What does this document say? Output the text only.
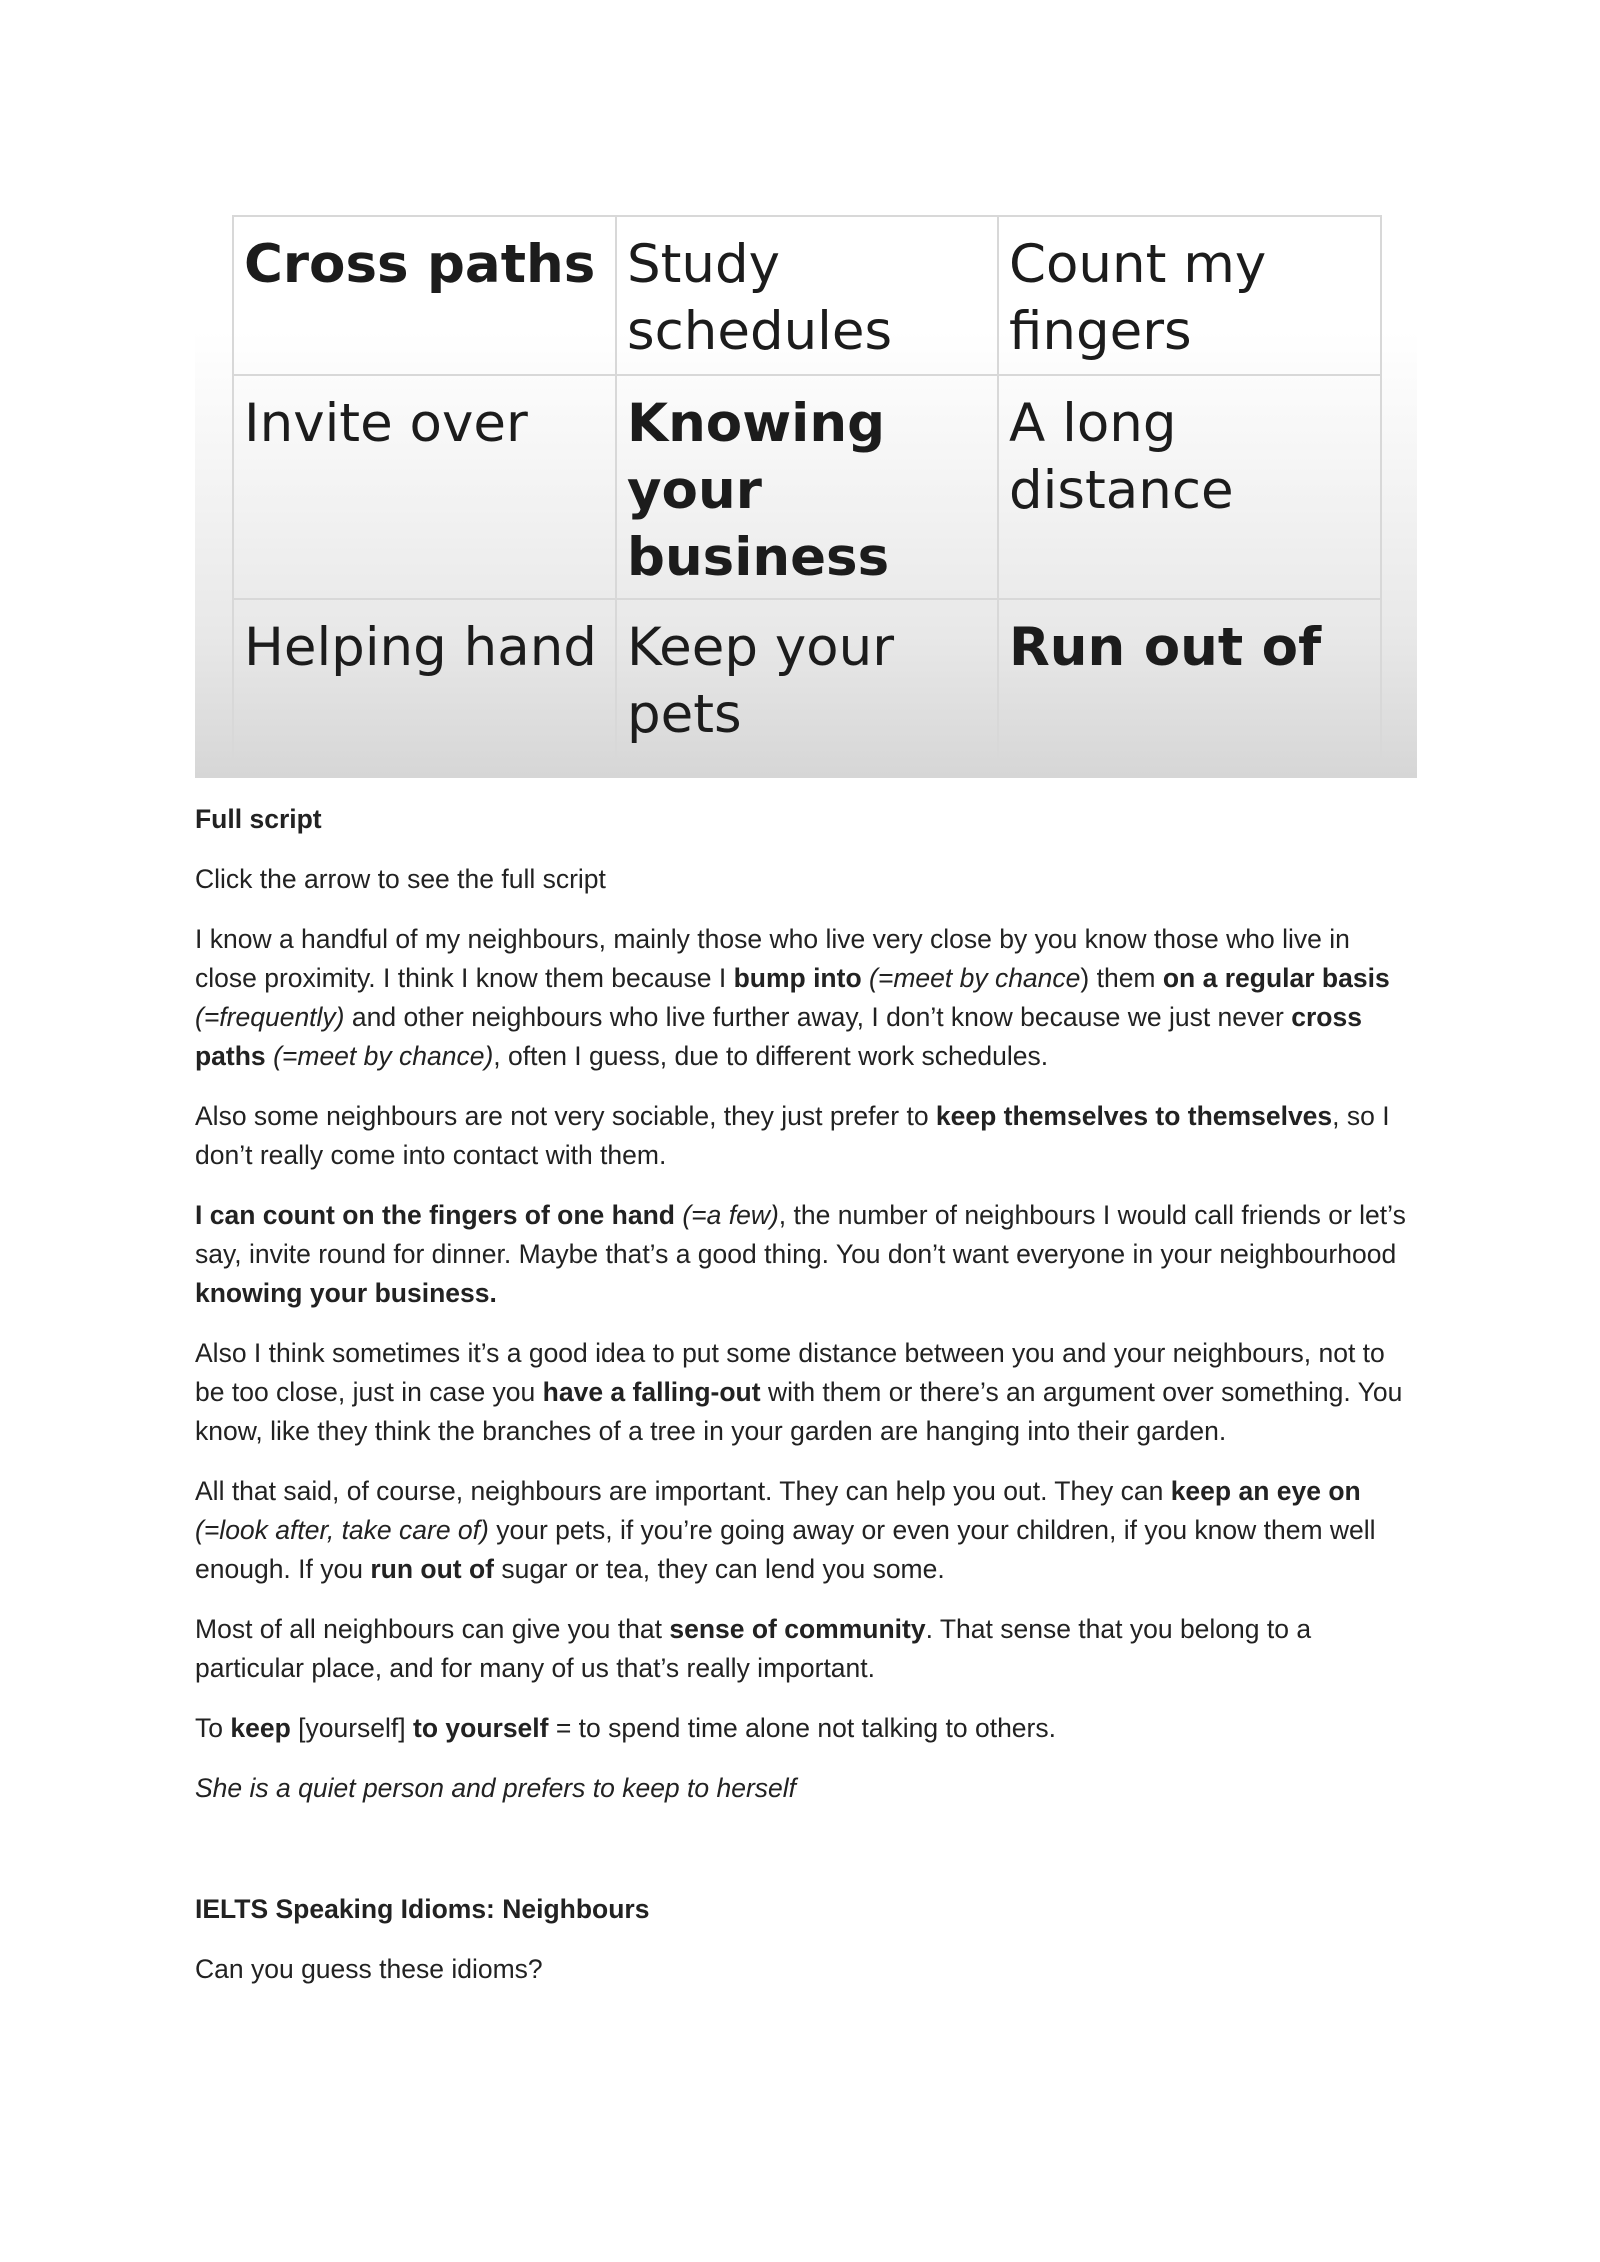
Cross paths	Study schedules	Count my fingers
Invite over	Knowing your business	A long distance
Helping hand	Keep your pets	Run out of

Full script

Click the arrow to see the full script

I know a handful of my neighbours, mainly those who live very close by you know those who live in close proximity. I think I know them because I bump into (=meet by chance) them on a regular basis (=frequently) and other neighbours who live further away, I don’t know because we just never cross paths (=meet by chance), often I guess, due to different work schedules.

Also some neighbours are not very sociable, they just prefer to keep themselves to themselves, so I don’t really come into contact with them.

I can count on the fingers of one hand (=a few), the number of neighbours I would call friends or let’s say, invite round for dinner. Maybe that’s a good thing. You don’t want everyone in your neighbourhood knowing your business.

Also I think sometimes it’s a good idea to put some distance between you and your neighbours, not to be too close, just in case you have a falling-out with them or there’s an argument over something. You know, like they think the branches of a tree in your garden are hanging into their garden.

All that said, of course, neighbours are important. They can help you out. They can keep an eye on (=look after, take care of) your pets, if you’re going away or even your children, if you know them well enough. If you run out of sugar or tea, they can lend you some.

Most of all neighbours can give you that sense of community. That sense that you belong to a particular place, and for many of us that’s really important.

To keep [yourself] to yourself = to spend time alone not talking to others.

She is a quiet person and prefers to keep to herself

IELTS Speaking Idioms: Neighbours

Can you guess these idioms?
